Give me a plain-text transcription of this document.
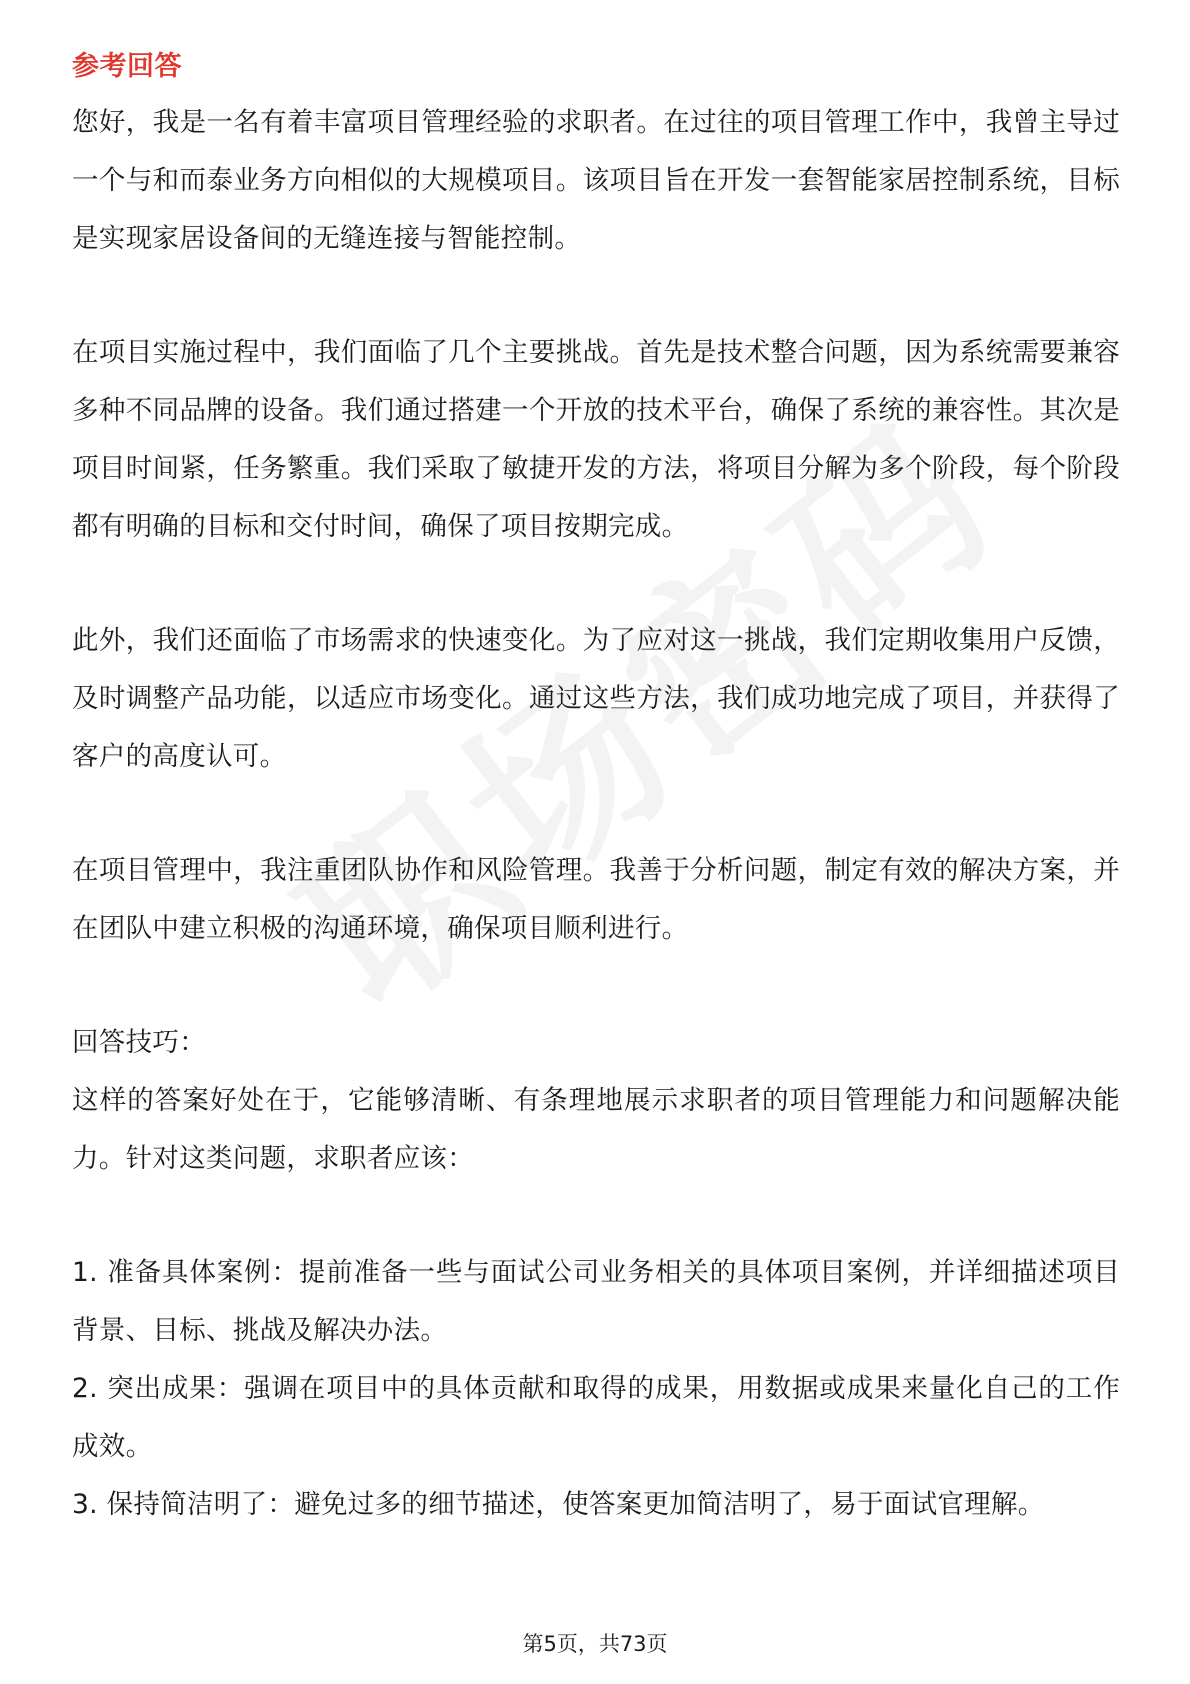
参考回答

您好，我是一名有着丰富项目管理经验的求职者。在过往的项目管理工作中，我曾主导过一个与和而泰业务方向相似的大规模项目。该项目旨在开发一套智能家居控制系统，目标是实现家居设备间的无缝连接与智能控制。

在项目实施过程中，我们面临了几个主要挑战。首先是技术整合问题，因为系统需要兼容多种不同品牌的设备。我们通过搭建一个开放的技术平台，确保了系统的兼容性。其次是项目时间紧，任务繁重。我们采取了敏捷开发的方法，将项目分解为多个阶段，每个阶段都有明确的目标和交付时间，确保了项目按期完成。

此外，我们还面临了市场需求的快速变化。为了应对这一挑战，我们定期收集用户反馈，及时调整产品功能，以适应市场变化。通过这些方法，我们成功地完成了项目，并获得了客户的高度认可。

在项目管理中，我注重团队协作和风险管理。我善于分析问题，制定有效的解决方案，并在团队中建立积极的沟通环境，确保项目顺利进行。

回答技巧：

这样的答案好处在于，它能够清晰、有条理地展示求职者的项目管理能力和问题解决能力。针对这类问题，求职者应该：

1. 准备具体案例：提前准备一些与面试公司业务相关的具体项目案例，并详细描述项目背景、目标、挑战及解决办法。

2. 突出成果：强调在项目中的具体贡献和取得的成果，用数据或成果来量化自己的工作成效。

3. 保持简洁明了：避免过多的细节描述，使答案更加简洁明了，易于面试官理解。

第5页，共73页
